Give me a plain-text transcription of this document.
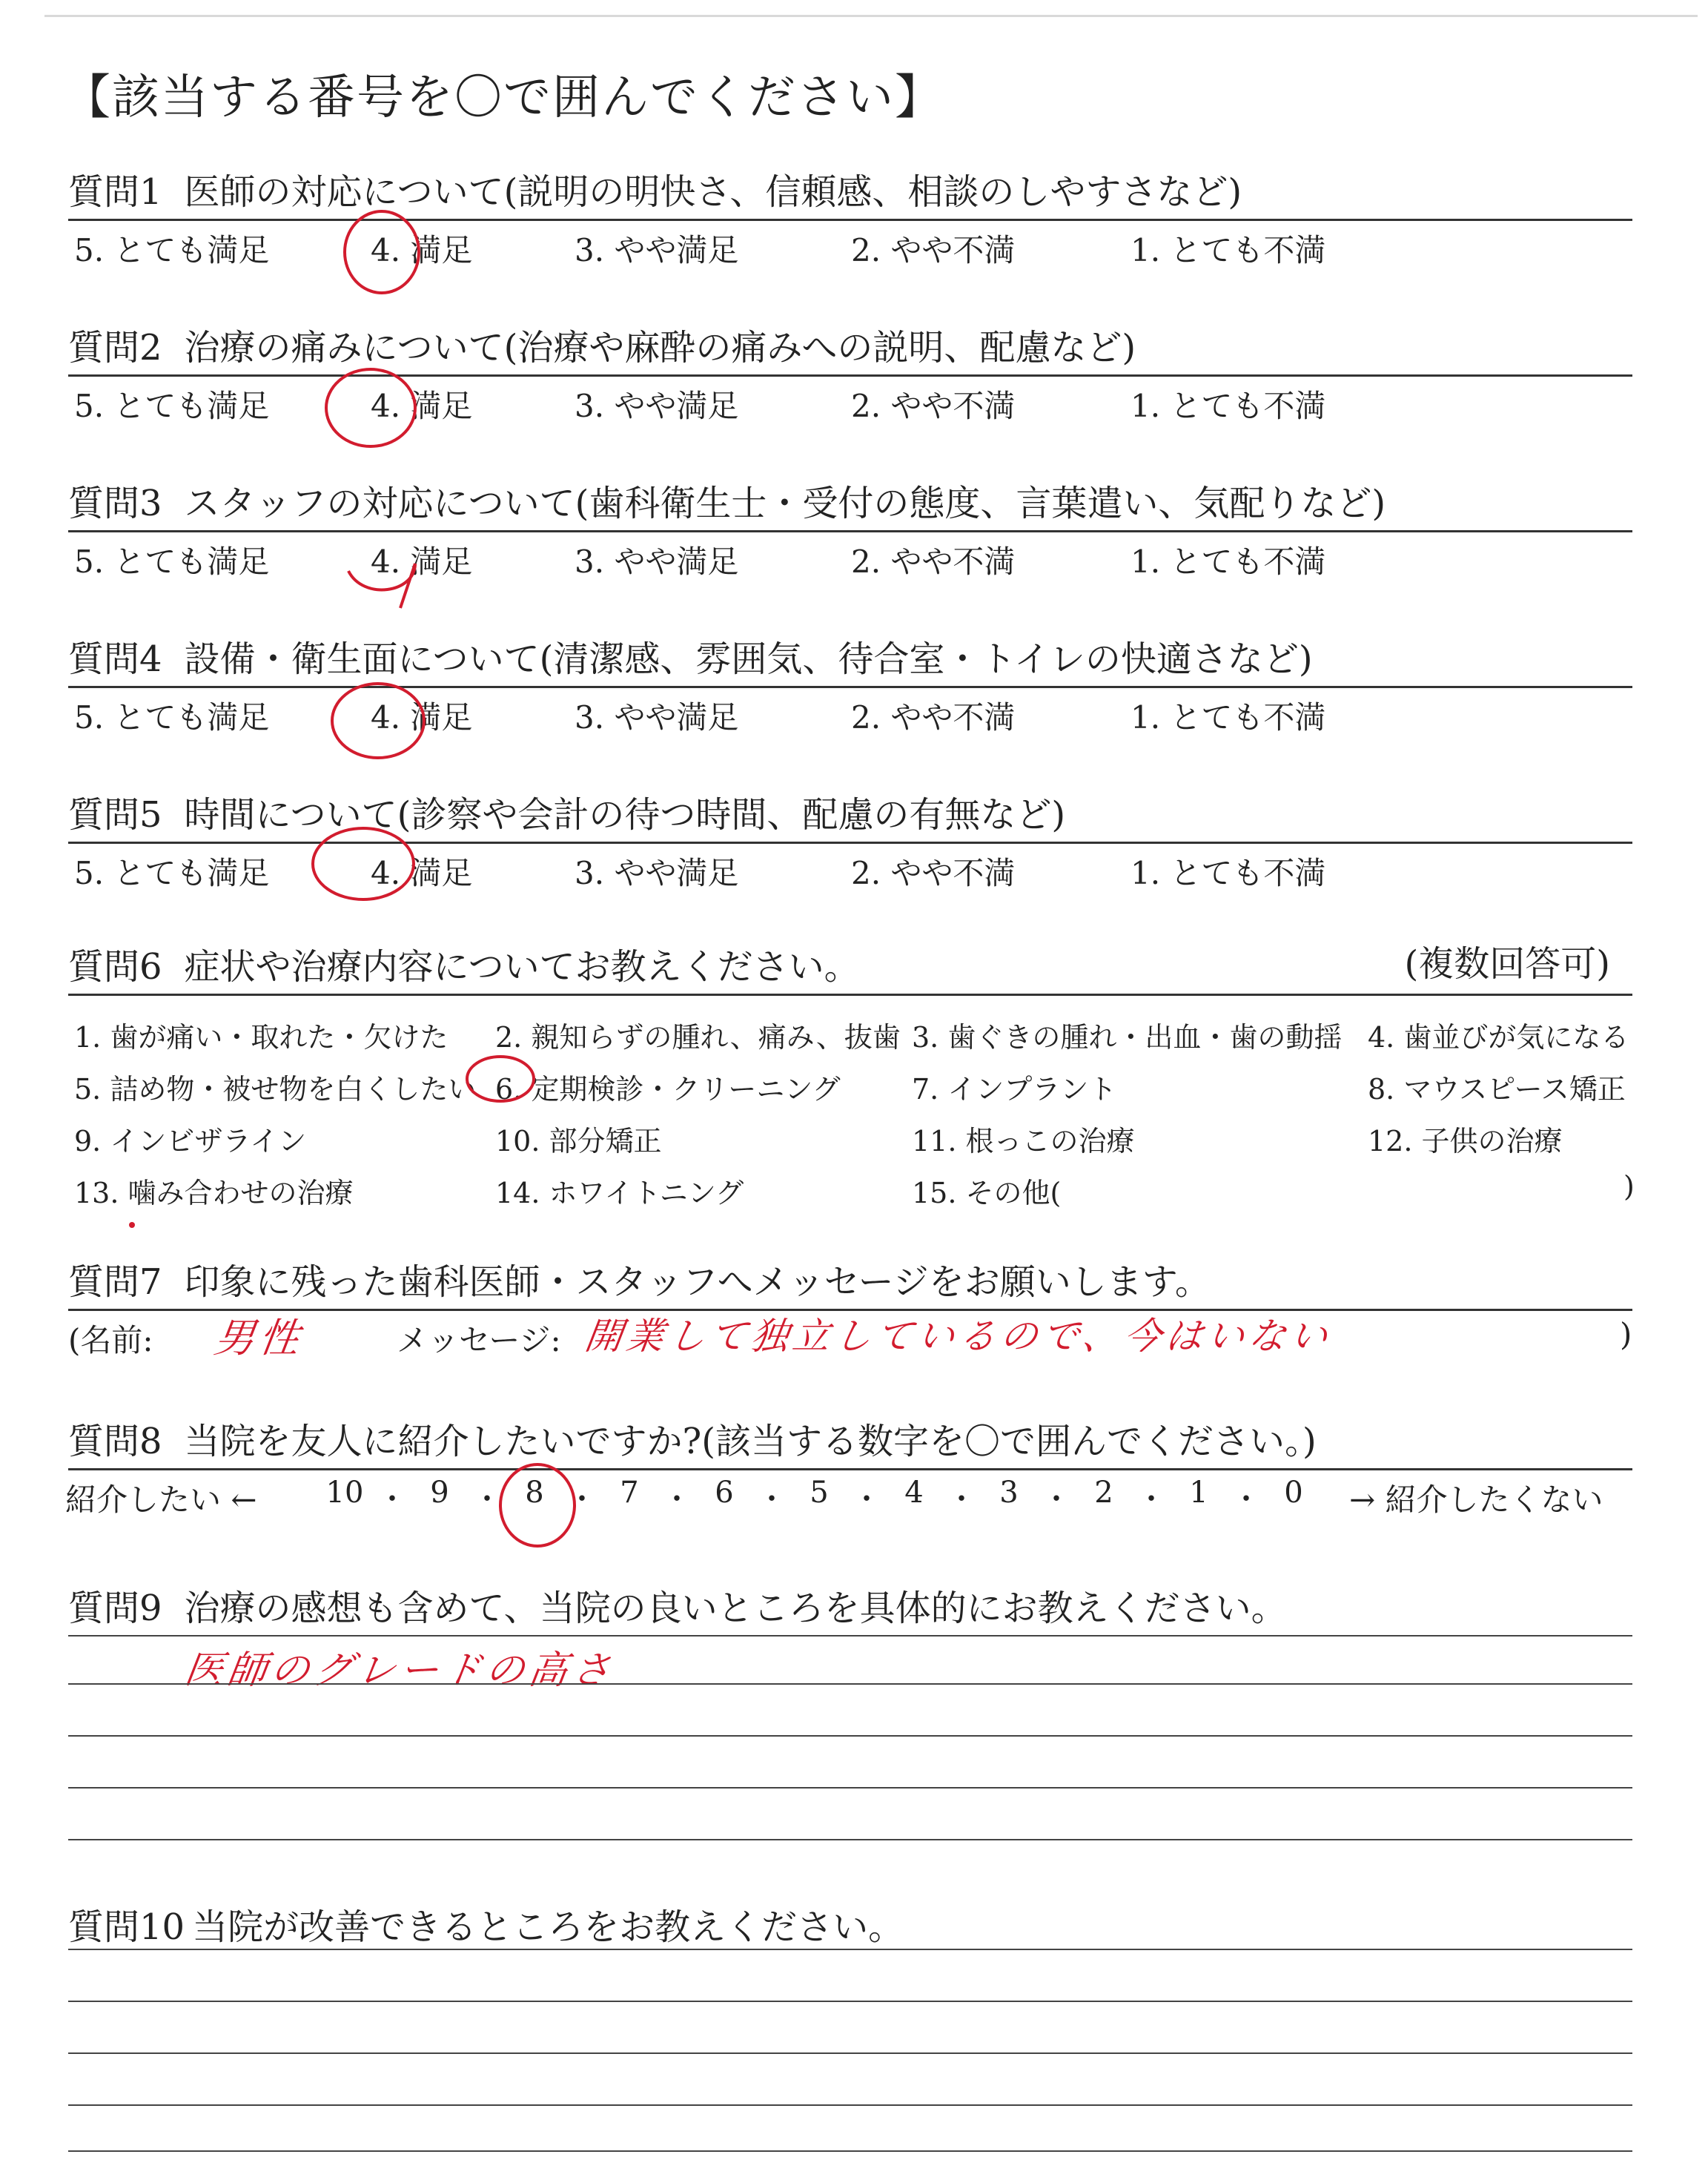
【該当する番号を〇で囲んでください】
質問1 医師の対応について(説明の明快さ、信頼感、相談のしやすさなど)
5. とても満足	4. 満足	3. やや満足	2. やや不満	1. とても不満
質問2 治療の痛みについて(治療や麻酔の痛みへの説明、配慮など)
5. とても満足	4. 満足	3. やや満足	2. やや不満	1. とても不満
質問3 スタッフの対応について(歯科衛生士・受付の態度、言葉遣い、気配りなど)
5. とても満足	4. 満足	3. やや満足	2. やや不満	1. とても不満
質問4 設備・衛生面について(清潔感、雰囲気、待合室・トイレの快適さなど)
5. とても満足	4. 満足	3. やや満足	2. やや不満	1. とても不満
質問5 時間について(診察や会計の待つ時間、配慮の有無など)
5. とても満足	4. 満足	3. やや満足	2. やや不満	1. とても不満
質問6 症状や治療内容についてお教えください。	(複数回答可)
1. 歯が痛い・取れた・欠けた 2. 親知らずの腫れ、痛み、抜歯 3. 歯ぐきの腫れ・出血・歯の動揺 4. 歯並びが気になる
5. 詰め物・被せ物を白くしたい 6. 定期検診・クリーニング	7. インプラント	8. マウスピース矯正
9. インビザライン	10. 部分矯正	11. 根っこの治療	12. 子供の治療
13. 噛み合わせの治療	14. ホワイトニング	15. その他(	)
質問7 印象に残った歯科医師・スタッフへメッセージをお願いします。
(名前: 男性	メッセージ: 開業して独立しているので、今はいない	)
質問8 当院を友人に紹介したいですか?(該当する数字を〇で囲んでください。)
紹介したい ← 10 ・ 9 ・ 8 ・ 7 ・ 6 ・ 5 ・ 4 ・ 3 ・ 2 ・ 1 ・ 0	→ 紹介したくない
質問9 治療の感想も含めて、当院の良いところを具体的にお教えください。
医師のグレードの高さ
質問10 当院が改善できるところをお教えください。
